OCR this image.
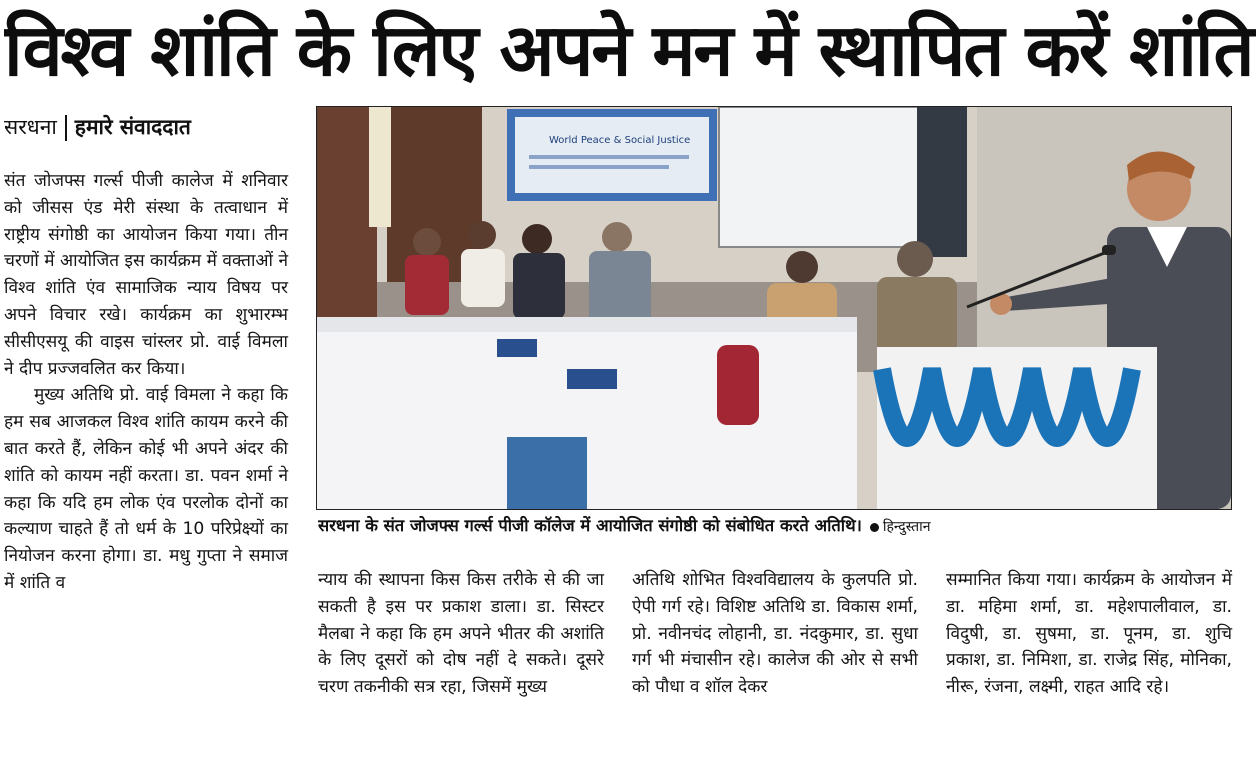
विश्व शांति के लिए अपने मन में स्थापित करें शांति
सरधना हमारे संवाददात

संत जोजफ्स गर्ल्स पीजी कालेज में शनिवार को जीसस एंड मेरी संस्था के तत्वाधान में राष्ट्रीय संगोष्ठी का आयोजन किया गया। तीन चरणों में आयोजित इस कार्यक्रम में वक्ताओं ने विश्व शांति एंव सामाजिक न्याय विषय पर अपने विचार रखे। कार्यक्रम का शुभारम्भ सीसीएसयू की वाइस चांस्लर प्रो. वाई विमला ने दीप प्रज्जवलित कर किया।

मुख्य अतिथि प्रो. वाई विमला ने कहा कि हम सब आजकल विश्व शांति कायम करने की बात करते हैं, लेकिन कोई भी अपने अंदर की शांति को कायम नहीं करता। डा. पवन शर्मा ने कहा कि यदि हम लोक एंव परलोक दोनों का कल्याण चाहते हैं तो धर्म के 10 परिप्रेक्ष्यों का नियोजन करना होगा। डा. मधु गुप्ता ने समाज में शांति व

World Peace & Social Justice
सरधना के संत जोजफ्स गर्ल्स पीजी कॉलेज में आयोजित संगोष्ठी को संबोधित करते अतिथि। हिन्दुस्तान

न्याय की स्थापना किस किस तरीके से की जा सकती है इस पर प्रकाश डाला। डा. सिस्टर मैलबा ने कहा कि हम अपने भीतर की अशांति के लिए दूसरों को दोष नहीं दे सकते। दूसरे चरण तकनीकी सत्र रहा, जिसमें मुख्य

अतिथि शोभित विश्वविद्यालय के कुलपति प्रो. ऐपी गर्ग रहे। विशिष्ट अतिथि डा. विकास शर्मा, प्रो. नवीनचंद लोहानी, डा. नंदकुमार, डा. सुधा गर्ग भी मंचासीन रहे। कालेज की ओर से सभी को पौधा व शॉल देकर

सम्मानित किया गया। कार्यक्रम के आयोजन में डा. महिमा शर्मा, डा. महेशपालीवाल, डा. विदुषी, डा. सुषमा, डा. पूनम, डा. शुचि प्रकाश, डा. निमिशा, डा. राजेद्र सिंह, मोनिका, नीरू, रंजना, लक्ष्मी, राहत आदि रहे।
